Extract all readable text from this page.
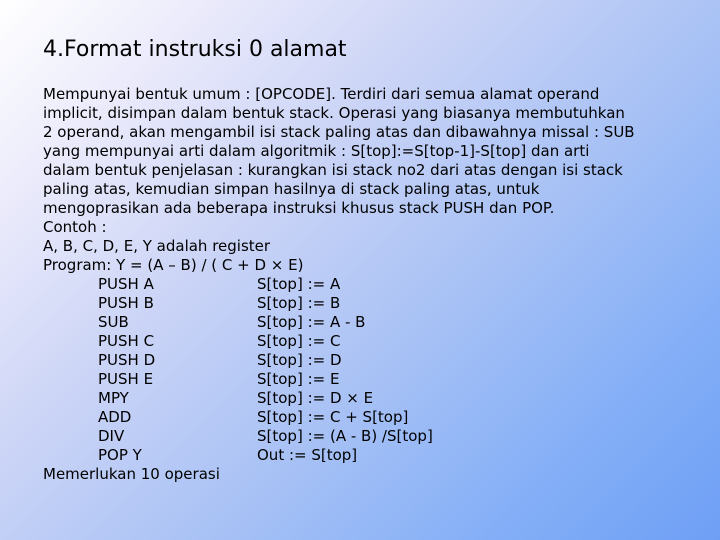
4.Format instruksi 0 alamat
Mempunyai bentuk umum : [OPCODE]. Terdiri dari semua alamat operand
implicit, disimpan dalam bentuk stack. Operasi yang biasanya membutuhkan
2 operand, akan mengambil isi stack paling atas dan dibawahnya missal : SUB
yang mempunyai arti dalam algoritmik : S[top]:=S[top-1]-S[top] dan arti
dalam bentuk penjelasan : kurangkan isi stack no2 dari atas dengan isi stack
paling atas, kemudian simpan hasilnya di stack paling atas, untuk
mengoprasikan ada beberapa instruksi khusus stack PUSH dan POP.
Contoh :
A, B, C, D, E, Y adalah register
Program: Y = (A – B) / ( C + D × E)
PUSH A	S[top] := A
PUSH B	S[top] := B
SUB	S[top] := A - B
PUSH C	S[top] := C
PUSH D	S[top] := D
PUSH E	S[top] := E
MPY	S[top] := D × E
ADD	S[top] := C + S[top]
DIV	S[top] := (A - B) /S[top]
POP Y	Out := S[top]
Memerlukan 10 operasi
